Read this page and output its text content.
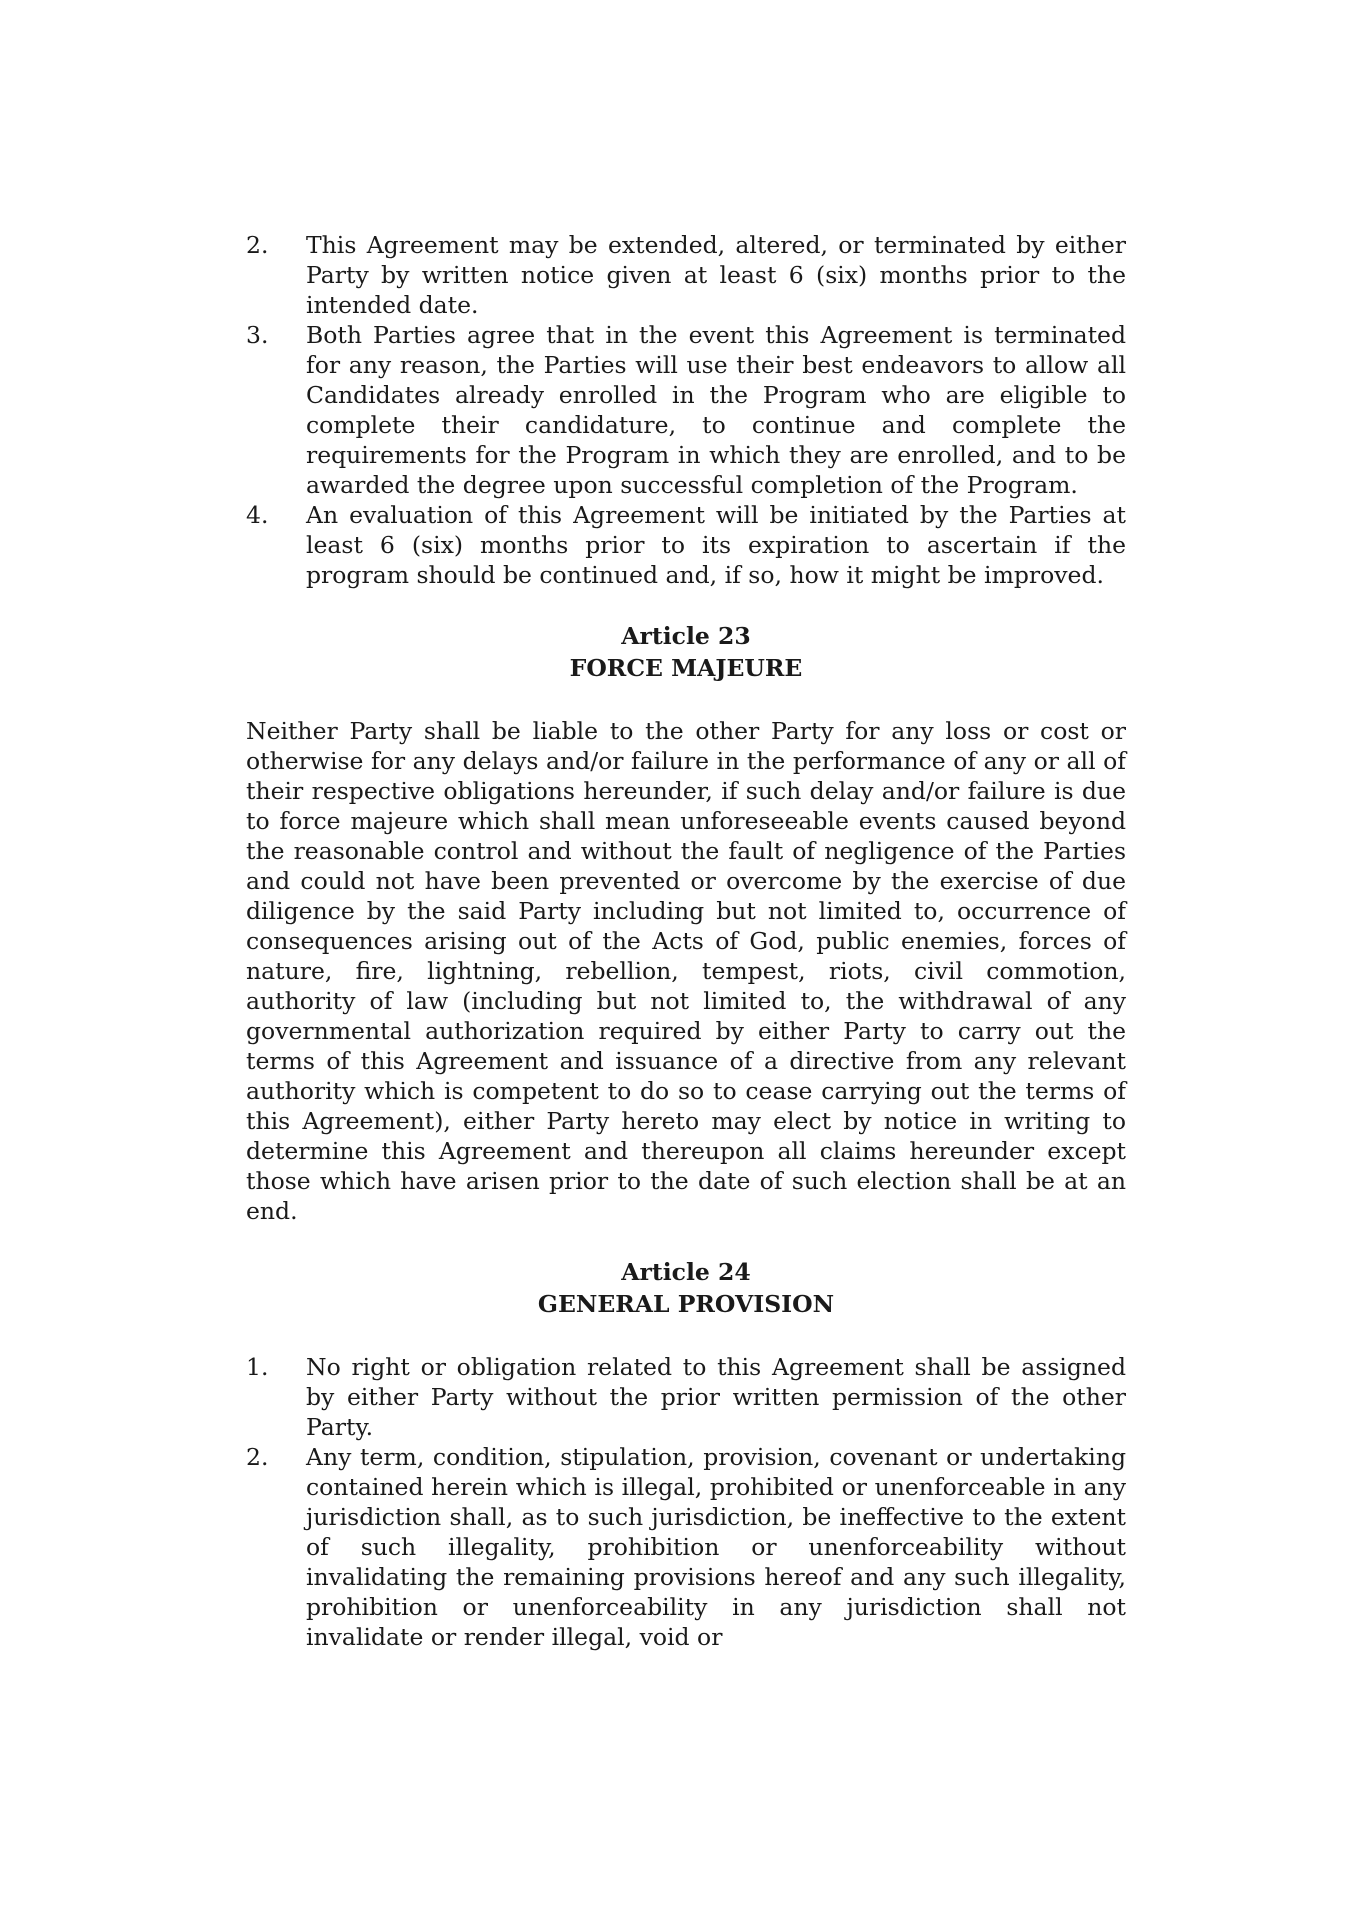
2.	This Agreement may be extended, altered, or terminated by either Party by written notice given at least 6 (six) months prior to the intended date.
3.	Both Parties agree that in the event this Agreement is terminated for any reason, the Parties will use their best endeavors to allow all Candidates already enrolled in the Program who are eligible to complete their candidature, to continue and complete the requirements for the Program in which they are enrolled, and to be awarded the degree upon successful completion of the Program.
4.	An evaluation of this Agreement will be initiated by the Parties at least 6 (six) months prior to its expiration to ascertain if the program should be continued and, if so, how it might be improved.
Article 23
FORCE MAJEURE
Neither Party shall be liable to the other Party for any loss or cost or otherwise for any delays and/or failure in the performance of any or all of their respective obligations hereunder, if such delay and/or failure is due to force majeure which shall mean unforeseeable events caused beyond the reasonable control and without the fault of negligence of the Parties and could not have been prevented or overcome by the exercise of due diligence by the said Party including but not limited to, occurrence of consequences arising out of the Acts of God, public enemies, forces of nature, fire, lightning, rebellion, tempest, riots, civil commotion, authority of law (including but not limited to, the withdrawal of any governmental authorization required by either Party to carry out the terms of this Agreement and issuance of a directive from any relevant authority which is competent to do so to cease carrying out the terms of this Agreement), either Party hereto may elect by notice in writing to determine this Agreement and thereupon all claims hereunder except those which have arisen prior to the date of such election shall be at an end.
Article 24
GENERAL PROVISION
1.	No right or obligation related to this Agreement shall be assigned by either Party without the prior written permission of the other Party.
2.	Any term, condition, stipulation, provision, covenant or undertaking contained herein which is illegal, prohibited or unenforceable in any jurisdiction shall, as to such jurisdiction, be ineffective to the extent of such illegality, prohibition or unenforceability without invalidating the remaining provisions hereof and any such illegality, prohibition or unenforceability in any jurisdiction shall not invalidate or render illegal, void or
